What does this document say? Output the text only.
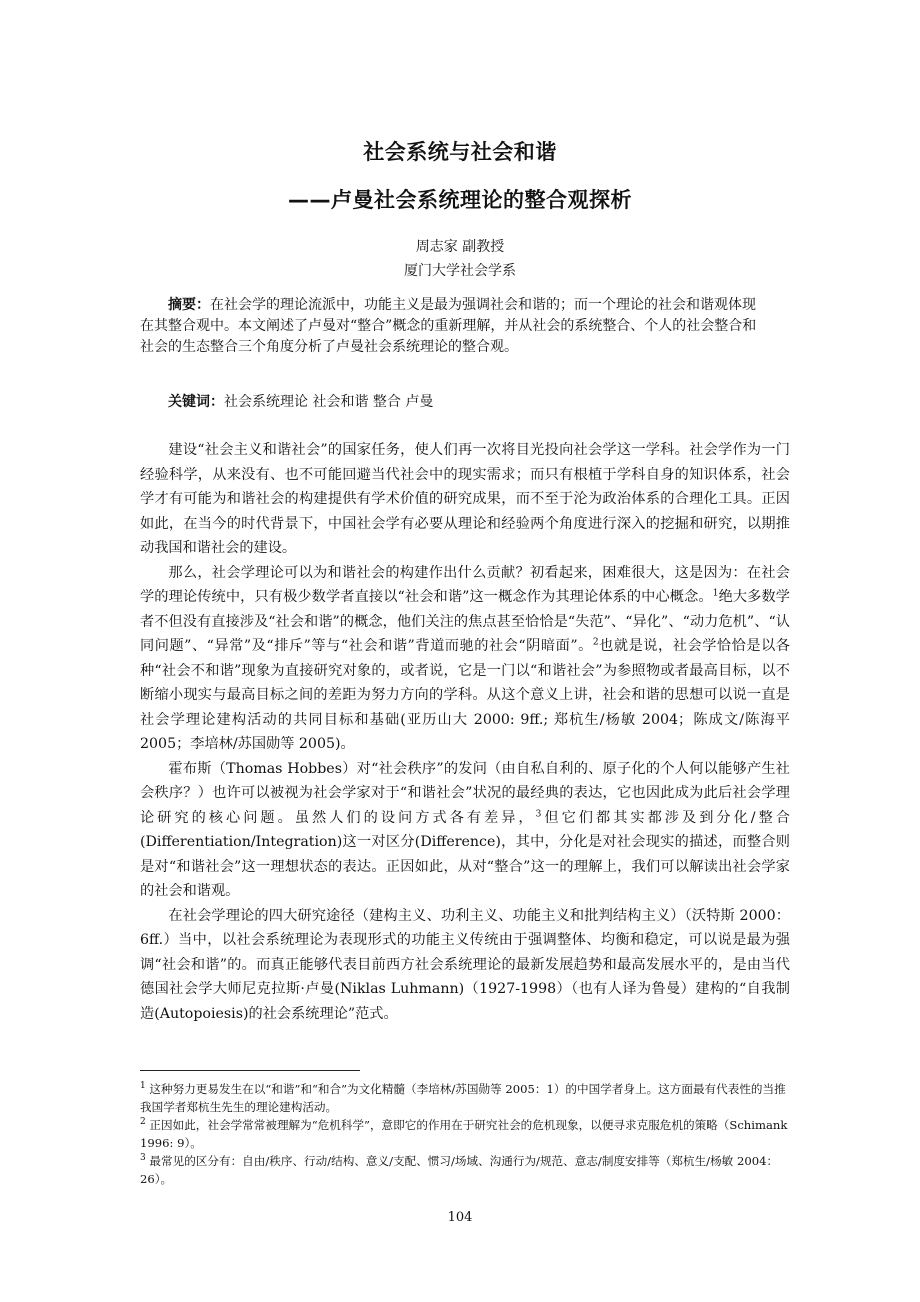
社会系统与社会和谐
——卢曼社会系统理论的整合观探析
周志家 副教授
厦门大学社会学系
摘要：在社会学的理论流派中，功能主义是最为强调社会和谐的；而一个理论的社会和谐观体现在其整合观中。本文阐述了卢曼对“整合”概念的重新理解，并从社会的系统整合、个人的社会整合和社会的生态整合三个角度分析了卢曼社会系统理论的整合观。
关键词：社会系统理论 社会和谐 整合 卢曼

建设“社会主义和谐社会”的国家任务，使人们再一次将目光投向社会学这一学科。社会学作为一门经验科学，从来没有、也不可能回避当代社会中的现实需求；而只有根植于学科自身的知识体系，社会学才有可能为和谐社会的构建提供有学术价值的研究成果，而不至于沦为政治体系的合理化工具。正因如此，在当今的时代背景下，中国社会学有必要从理论和经验两个角度进行深入的挖掘和研究，以期推动我国和谐社会的建设。

那么，社会学理论可以为和谐社会的构建作出什么贡献？初看起来，困难很大，这是因为：在社会学的理论传统中，只有极少数学者直接以“社会和谐”这一概念作为其理论体系的中心概念。$^1$绝大多数学者不但没有直接涉及“社会和谐”的概念，他们关注的焦点甚至恰恰是“失范”、“异化”、“动力危机”、“认同问题”、“异常”及“排斥”等与“社会和谐”背道而驰的社会“阴暗面”。$^2$也就是说，社会学恰恰是以各种“社会不和谐”现象为直接研究对象的，或者说，它是一门以“和谐社会”为参照物或者最高目标，以不断缩小现实与最高目标之间的差距为努力方向的学科。从这个意义上讲，社会和谐的思想可以说一直是社会学理论建构活动的共同目标和基础(亚历山大 2000: 9ff.; 郑杭生/杨敏 2004；陈成文/陈海平 2005；李培林/苏国勋等 2005)。

霍布斯（Thomas Hobbes）对“社会秩序”的发问（由自私自利的、原子化的个人何以能够产生社会秩序？）也许可以被视为社会学家对于“和谐社会”状况的最经典的表达，它也因此成为此后社会学理论研究的核心问题。虽然人们的设问方式各有差异，$^3$但它们都其实都涉及到分化/整合(Differentiation/Integration)这一对区分(Difference)，其中，分化是对社会现实的描述，而整合则是对“和谐社会”这一理想状态的表达。正因如此，从对“整合”这一的理解上，我们可以解读出社会学家的社会和谐观。

在社会学理论的四大研究途径（建构主义、功利主义、功能主义和批判结构主义）（沃特斯 2000：6ff.）当中，以社会系统理论为表现形式的功能主义传统由于强调整体、均衡和稳定，可以说是最为强调“社会和谐”的。而真正能够代表目前西方社会系统理论的最新发展趋势和最高发展水平的，是由当代德国社会学大师尼克拉斯·卢曼(Niklas Luhmann)（1927-1998）（也有人译为鲁曼）建构的“自我制造(Autopoiesis)的社会系统理论”范式。

$^1$ 这种努力更易发生在以“和谐”和“和合”为文化精髓（李培林/苏国勋等 2005：1）的中国学者身上。这方面最有代表性的当推我国学者郑杭生先生的理论建构活动。

$^2$ 正因如此，社会学常常被理解为“危机科学”，意即它的作用在于研究社会的危机现象，以便寻求克服危机的策略（Schimank 1996: 9）。

$^3$ 最常见的区分有：自由/秩序、行动/结构、意义/支配、惯习/场域、沟通行为/规范、意志/制度安排等（郑杭生/杨敏 2004：26）。

104
